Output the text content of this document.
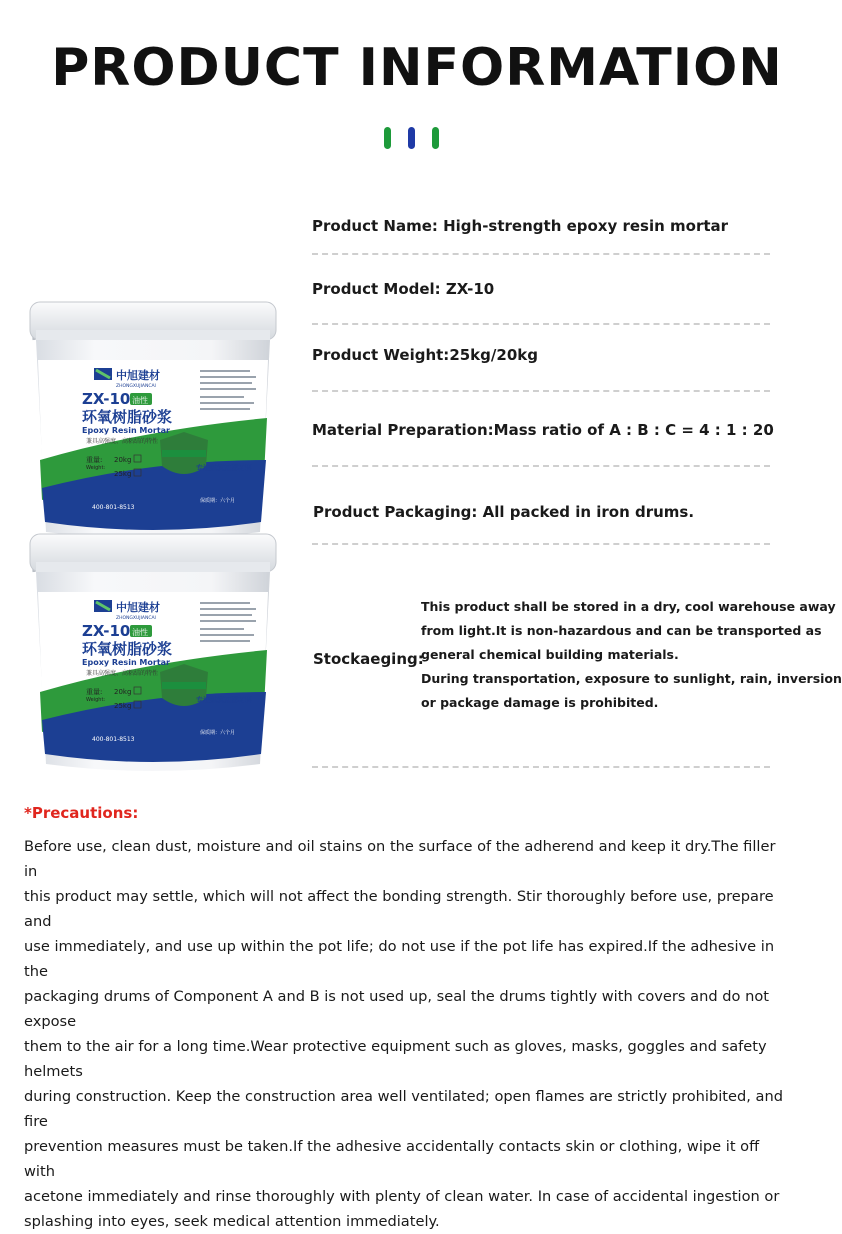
PRODUCT INFORMATION
中旭建材
ZHONGXUJIANCAI
ZX-10 油性
环氧树脂砂浆
Epoxy Resin Mortar
兼具高强度、高粘结的特性
重量: 20kg
Weight:
25kg
专注建筑加固材料
400-801-8513
保质期：六个月
中旭建材
ZHONGXUJIANCAI
ZX-10 油性
环氧树脂砂浆
Epoxy Resin Mortar
兼具高强度、高粘结的特性
重量: 20kg
Weight:
25kg
专注建筑加固材料
400-801-8513
保质期：六个月
Product Name: High-strength epoxy resin mortar
Product Model: ZX-10
Product Weight:25kg/20kg
Material Preparation:Mass ratio of A : B : C = 4 : 1 : 20
Product Packaging: All packed in iron drums.
Stockaeging:

This product shall be stored in a dry, cool warehouse away

from light.It is non-hazardous and can be transported as

general chemical building materials.

During transportation, exposure to sunlight, rain, inversion

or package damage is prohibited.

*Precautions:
Before use, clean dust, moisture and oil stains on the surface of the adherend and keep it dry.The filler in
this product may settle, which will not affect the bonding strength. Stir thoroughly before use, prepare and
use immediately, and use up within the pot life; do not use if the pot life has expired.If the adhesive in the
packaging drums of Component A and B is not used up, seal the drums tightly with covers and do not expose
them to the air for a long time.Wear protective equipment such as gloves, masks, goggles and safety helmets
during construction. Keep the construction area well ventilated; open flames are strictly prohibited, and fire
prevention measures must be taken.If the adhesive accidentally contacts skin or clothing, wipe it off with
acetone immediately and rinse thoroughly with plenty of clean water. In case of accidental ingestion or
splashing into eyes, seek medical attention immediately.
